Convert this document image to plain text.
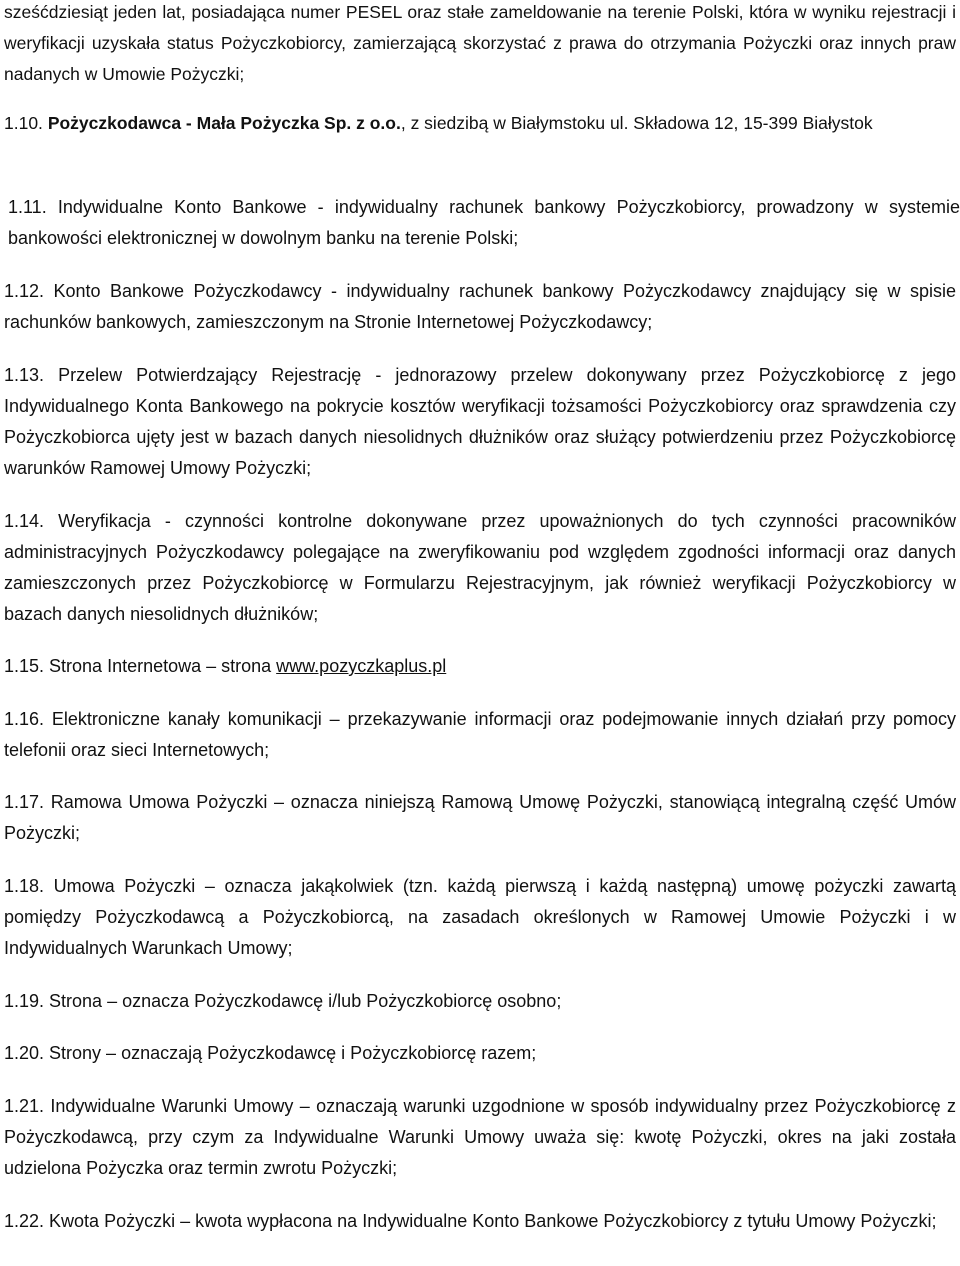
sześćdziesiąt jeden lat, posiadająca numer PESEL oraz stałe zameldowanie na terenie Polski, która w wyniku rejestracji i weryfikacji uzyskała status Pożyczkobiorcy, zamierzającą skorzystać z prawa do otrzymania Pożyczki oraz innych praw nadanych w Umowie Pożyczki;
1.10. Pożyczkodawca - Mała Pożyczka Sp. z o.o., z siedzibą w Białymstoku ul. Składowa 12, 15-399 Białystok
1.11. Indywidualne Konto Bankowe - indywidualny rachunek bankowy Pożyczkobiorcy, prowadzony w systemie bankowości elektronicznej w dowolnym banku na terenie Polski;
1.12. Konto Bankowe Pożyczkodawcy - indywidualny rachunek bankowy Pożyczkodawcy znajdujący się w spisie rachunków bankowych, zamieszczonym na Stronie Internetowej Pożyczkodawcy;
1.13. Przelew Potwierdzający Rejestrację - jednorazowy przelew dokonywany przez Pożyczkobiorcę z jego Indywidualnego Konta Bankowego na pokrycie kosztów weryfikacji tożsamości Pożyczkobiorcy oraz sprawdzenia czy Pożyczkobiorca ujęty jest w bazach danych niesolidnych dłużników oraz służący potwierdzeniu przez Pożyczkobiorcę warunków Ramowej Umowy Pożyczki;
1.14. Weryfikacja - czynności kontrolne dokonywane przez upoważnionych do tych czynności pracowników administracyjnych Pożyczkodawcy polegające na zweryfikowaniu pod względem zgodności informacji oraz danych zamieszczonych przez Pożyczkobiorcę w Formularzu Rejestracyjnym, jak również weryfikacji Pożyczkobiorcy w bazach danych niesolidnych dłużników;
1.15. Strona Internetowa – strona www.pozyczkaplus.pl
1.16. Elektroniczne kanały komunikacji – przekazywanie informacji oraz podejmowanie innych działań przy pomocy telefonii oraz sieci Internetowych;
1.17. Ramowa Umowa Pożyczki – oznacza niniejszą Ramową Umowę Pożyczki, stanowiącą integralną część Umów Pożyczki;
1.18. Umowa Pożyczki – oznacza jakąkolwiek (tzn. każdą pierwszą i każdą następną) umowę pożyczki zawartą pomiędzy Pożyczkodawcą a Pożyczkobiorcą, na zasadach określonych w Ramowej Umowie Pożyczki i w Indywidualnych Warunkach Umowy;
1.19. Strona – oznacza Pożyczkodawcę i/lub Pożyczkobiorcę osobno;
1.20. Strony – oznaczają Pożyczkodawcę i Pożyczkobiorcę razem;
1.21. Indywidualne Warunki Umowy – oznaczają warunki uzgodnione w sposób indywidualny przez Pożyczkobiorcę z Pożyczkodawcą, przy czym za Indywidualne Warunki Umowy uważa się: kwotę Pożyczki, okres na jaki została udzielona Pożyczka oraz termin zwrotu Pożyczki;
1.22. Kwota Pożyczki – kwota wypłacona na Indywidualne Konto Bankowe Pożyczkobiorcy z tytułu Umowy Pożyczki;
